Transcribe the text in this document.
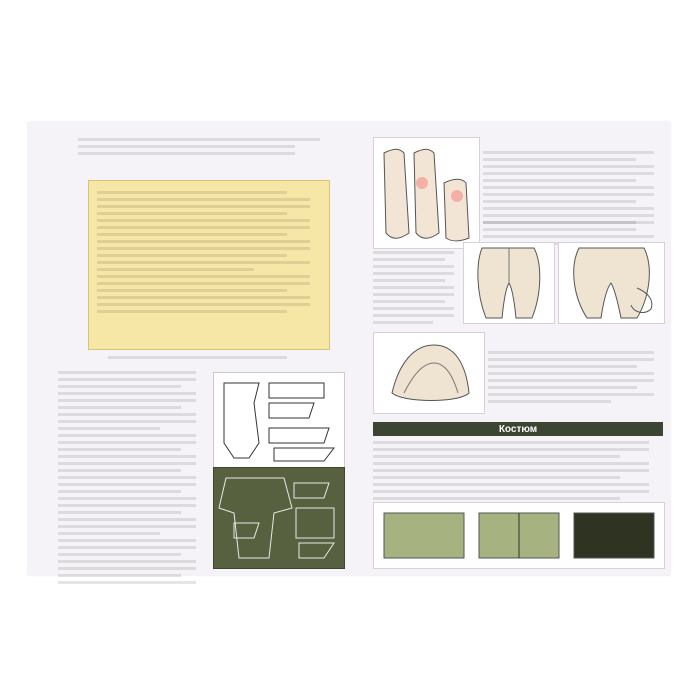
Костюм
